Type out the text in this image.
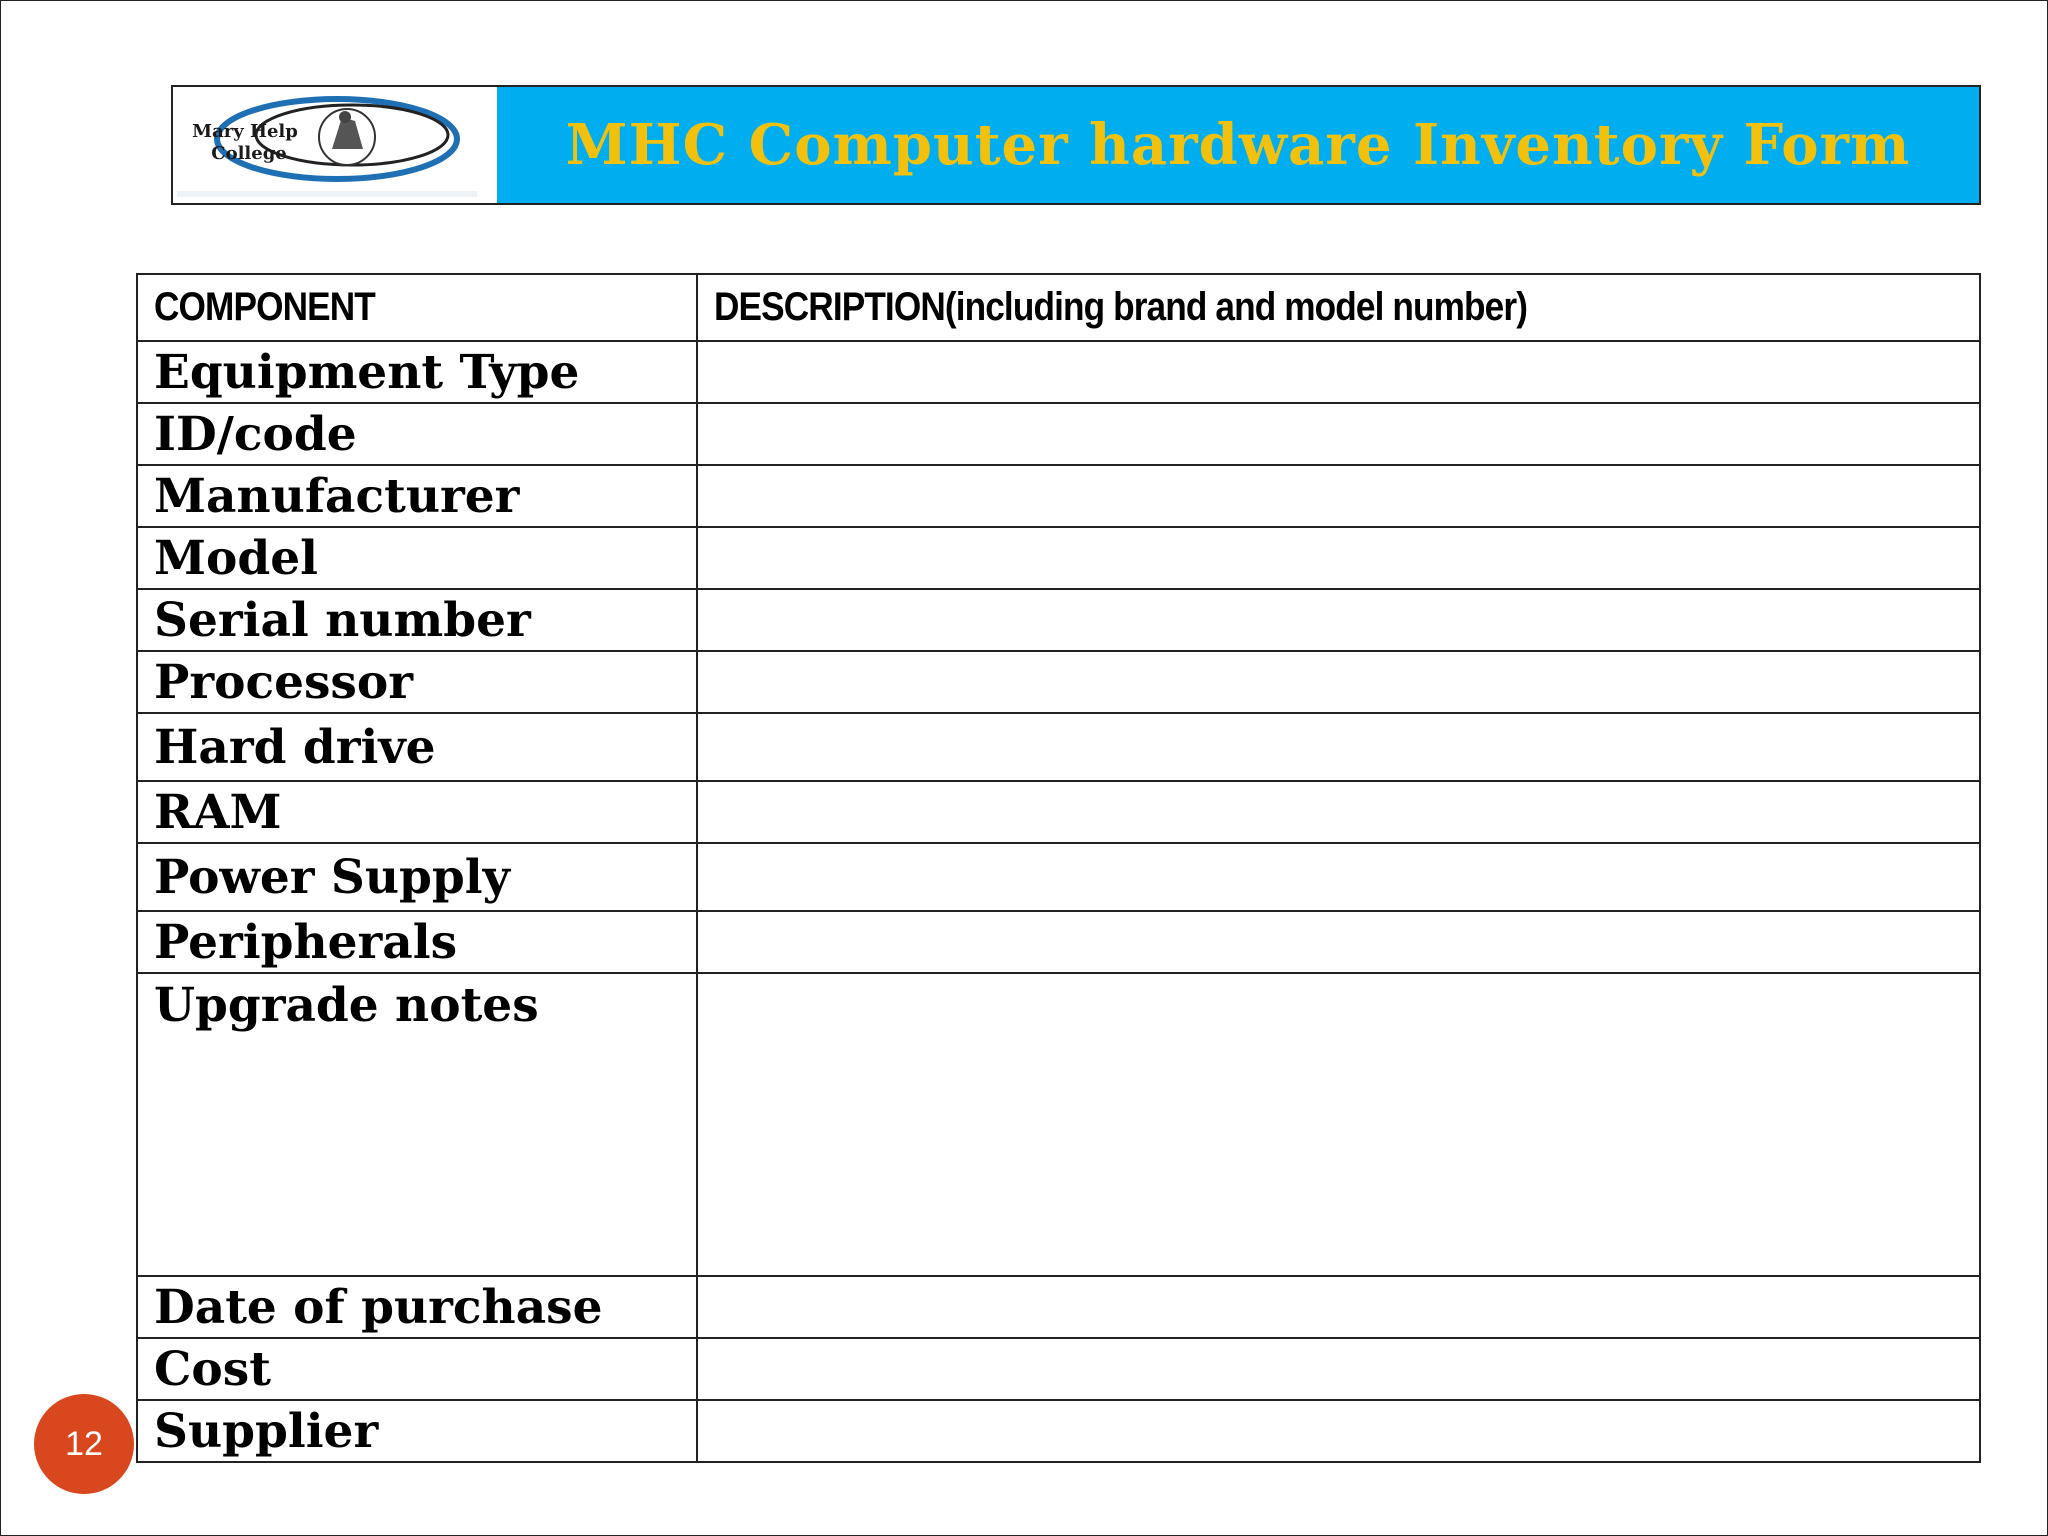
Mary Help
College	MHC Computer hardware Inventory Form
COMPONENT	DESCRIPTION(including brand and model number)
Equipment Type	
ID/code	
Manufacturer	
Model	
Serial number	
Processor	
Hard drive	
RAM	
Power Supply	
Peripherals	
Upgrade notes	
Date of purchase	
Cost	
Supplier	
12
